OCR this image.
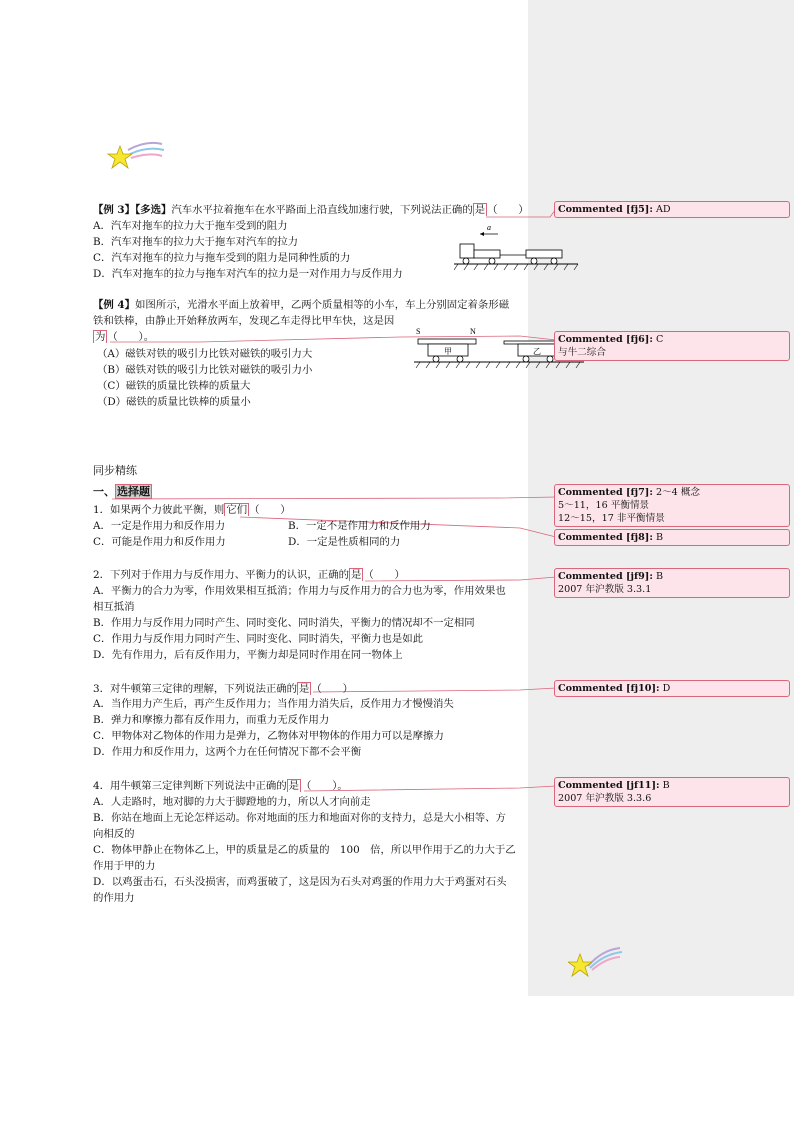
【例 3】【多选】汽车水平拉着拖车在水平路面上沿直线加速行驶，下列说法正确的 是 （　　）
A．汽车对拖车的拉力大于拖车受到的阻力
B．汽车对拖车的拉力大于拖车对汽车的拉力
C．汽车对拖车的拉力与拖车受到的阻力是同种性质的力
D．汽车对拖车的拉力与拖车对汽车的拉力是一对作用力与反作用力
a
【例 4】如图所示，光滑水平面上放着甲，乙两个质量相等的小车，车上分别固定着条形磁
铁和铁棒，由静止开始释放两车，发现乙车走得比甲车快，这是因
为 （　　）。
（A）磁铁对铁的吸引力比铁对磁铁的吸引力大
（B）磁铁对铁的吸引力比铁对磁铁的吸引力小
（C）磁铁的质量比铁棒的质量大
（D）磁铁的质量比铁棒的质量小
S	N
甲	乙
同步精练
一、 选择题
1．如果两个力彼此平衡，则 它们 （　　）
A．一定是作用力和反作用力	B．一定不是作用力和反作用力
C．可能是作用力和反作用力	D．一定是性质相同的力
2．下列对于作用力与反作用力、平衡力的认识，正确的 是 （　　）
A．平衡力的合力为零，作用效果相互抵消；作用力与反作用力的合力也为零，作用效果也
相互抵消
B．作用力与反作用力同时产生、同时变化、同时消失，平衡力的情况却不一定相同
C．作用力与反作用力同时产生、同时变化、同时消失，平衡力也是如此
D．先有作用力，后有反作用力，平衡力却是同时作用在同一物体上
3．对牛顿第三定律的理解，下列说法正确的 是 （　　）
A．当作用力产生后，再产生反作用力；当作用力消失后，反作用力才慢慢消失
B．弹力和摩擦力都有反作用力，而重力无反作用力
C．甲物体对乙物体的作用力是弹力，乙物体对甲物体的作用力可以是摩擦力
D．作用力和反作用力，这两个力在任何情况下都不会平衡
4．用牛顿第三定律判断下列说法中正确的 是 （　　）。
A．人走路时，地对脚的力大于脚蹬地的力，所以人才向前走
B．你站在地面上无论怎样运动。你对地面的压力和地面对你的支持力，总是大小相等、方
向相反的
C．物体甲静止在物体乙上，甲的质量是乙的质量的　100　倍，所以甲作用于乙的力大于乙
作用于甲的力
D．以鸡蛋击石，石头没损害，而鸡蛋破了，这是因为石头对鸡蛋的作用力大于鸡蛋对石头
的作用力
Commented [fj5]: AD
Commented [fj6]: C
与牛二综合
Commented [fj7]: 2～4 概念
5～11，16 平衡情景
12～15，17 非平衡情景
Commented [fj8]: B
Commented [jf9]: B
2007 年沪教版 3.3.1
Commented [fj10]: D
Commented [jf11]: B
2007 年沪教版 3.3.6
